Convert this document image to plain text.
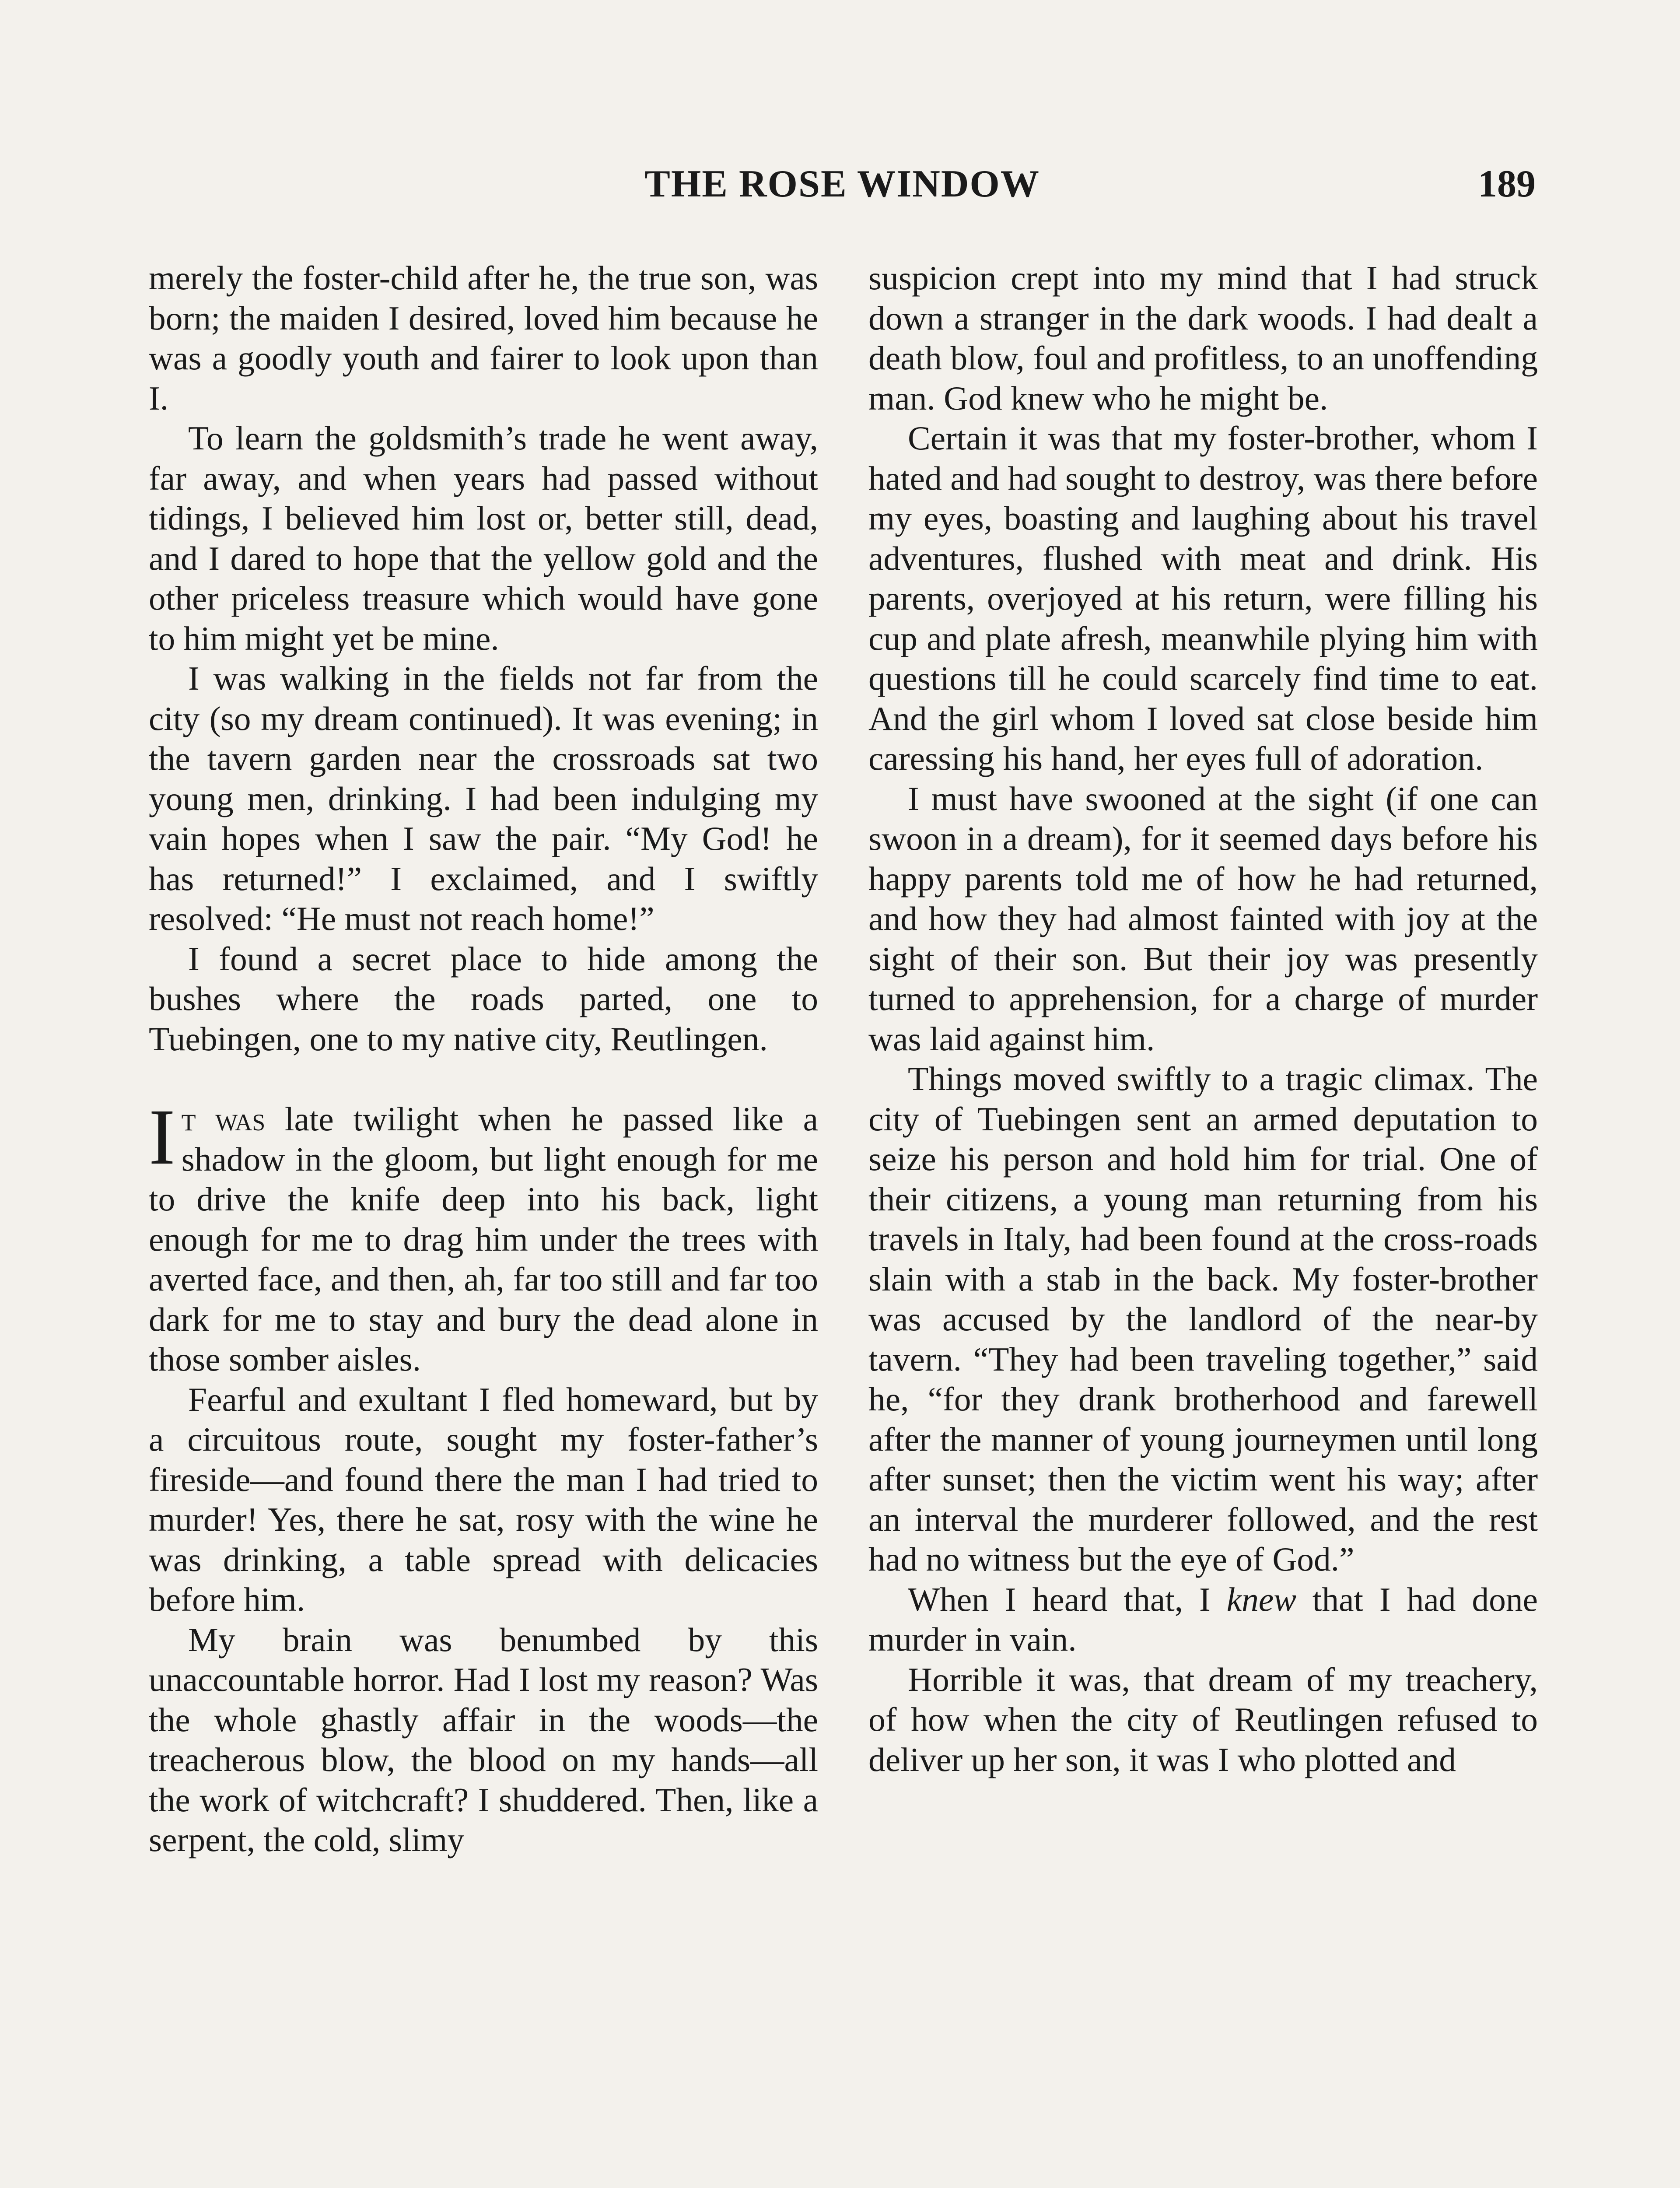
THE ROSE WINDOW	189

merely the foster-child after he, the true son, was born; the maiden I desired, loved him because he was a goodly youth and fairer to look upon than I.

To learn the goldsmith’s trade he went away, far away, and when years had passed without tidings, I believed him lost or, better still, dead, and I dared to hope that the yellow gold and the other priceless treasure which would have gone to him might yet be mine.

I was walking in the fields not far from the city (so my dream continued). It was evening; in the tavern garden near the crossroads sat two young men, drinking. I had been indulging my vain hopes when I saw the pair. “My God! he has returned!” I exclaimed, and I swiftly resolved: “He must not reach home!”

I found a secret place to hide among the bushes where the roads parted, one to Tuebingen, one to my native city, Reutlingen.

It was late twilight when he passed like a shadow in the gloom, but light enough for me to drive the knife deep into his back, light enough for me to drag him under the trees with averted face, and then, ah, far too still and far too dark for me to stay and bury the dead alone in those somber aisles.

Fearful and exultant I fled homeward, but by a circuitous route, sought my foster-father’s fireside—and found there the man I had tried to murder! Yes, there he sat, rosy with the wine he was drinking, a table spread with delicacies before him.

My brain was benumbed by this unaccountable horror. Had I lost my reason? Was the whole ghastly affair in the woods—the treacherous blow, the blood on my hands—all the work of witchcraft? I shuddered. Then, like a serpent, the cold, slimy

suspicion crept into my mind that I had struck down a stranger in the dark woods. I had dealt a death blow, foul and profitless, to an unoffending man. God knew who he might be.

Certain it was that my foster-brother, whom I hated and had sought to destroy, was there before my eyes, boasting and laughing about his travel adventures, flushed with meat and drink. His parents, overjoyed at his return, were filling his cup and plate afresh, meanwhile plying him with questions till he could scarcely find time to eat. And the girl whom I loved sat close beside him caressing his hand, her eyes full of adoration.

I must have swooned at the sight (if one can swoon in a dream), for it seemed days before his happy parents told me of how he had returned, and how they had almost fainted with joy at the sight of their son. But their joy was presently turned to apprehension, for a charge of murder was laid against him.

Things moved swiftly to a tragic climax. The city of Tuebingen sent an armed deputation to seize his person and hold him for trial. One of their citizens, a young man returning from his travels in Italy, had been found at the cross-roads slain with a stab in the back. My foster-brother was accused by the landlord of the near-by tavern. “They had been traveling together,” said he, “for they drank brotherhood and farewell after the manner of young journeymen until long after sunset; then the victim went his way; after an interval the murderer followed, and the rest had no witness but the eye of God.”

When I heard that, I knew that I had done murder in vain.

Horrible it was, that dream of my treachery, of how when the city of Reutlingen refused to deliver up her son, it was I who plotted and
